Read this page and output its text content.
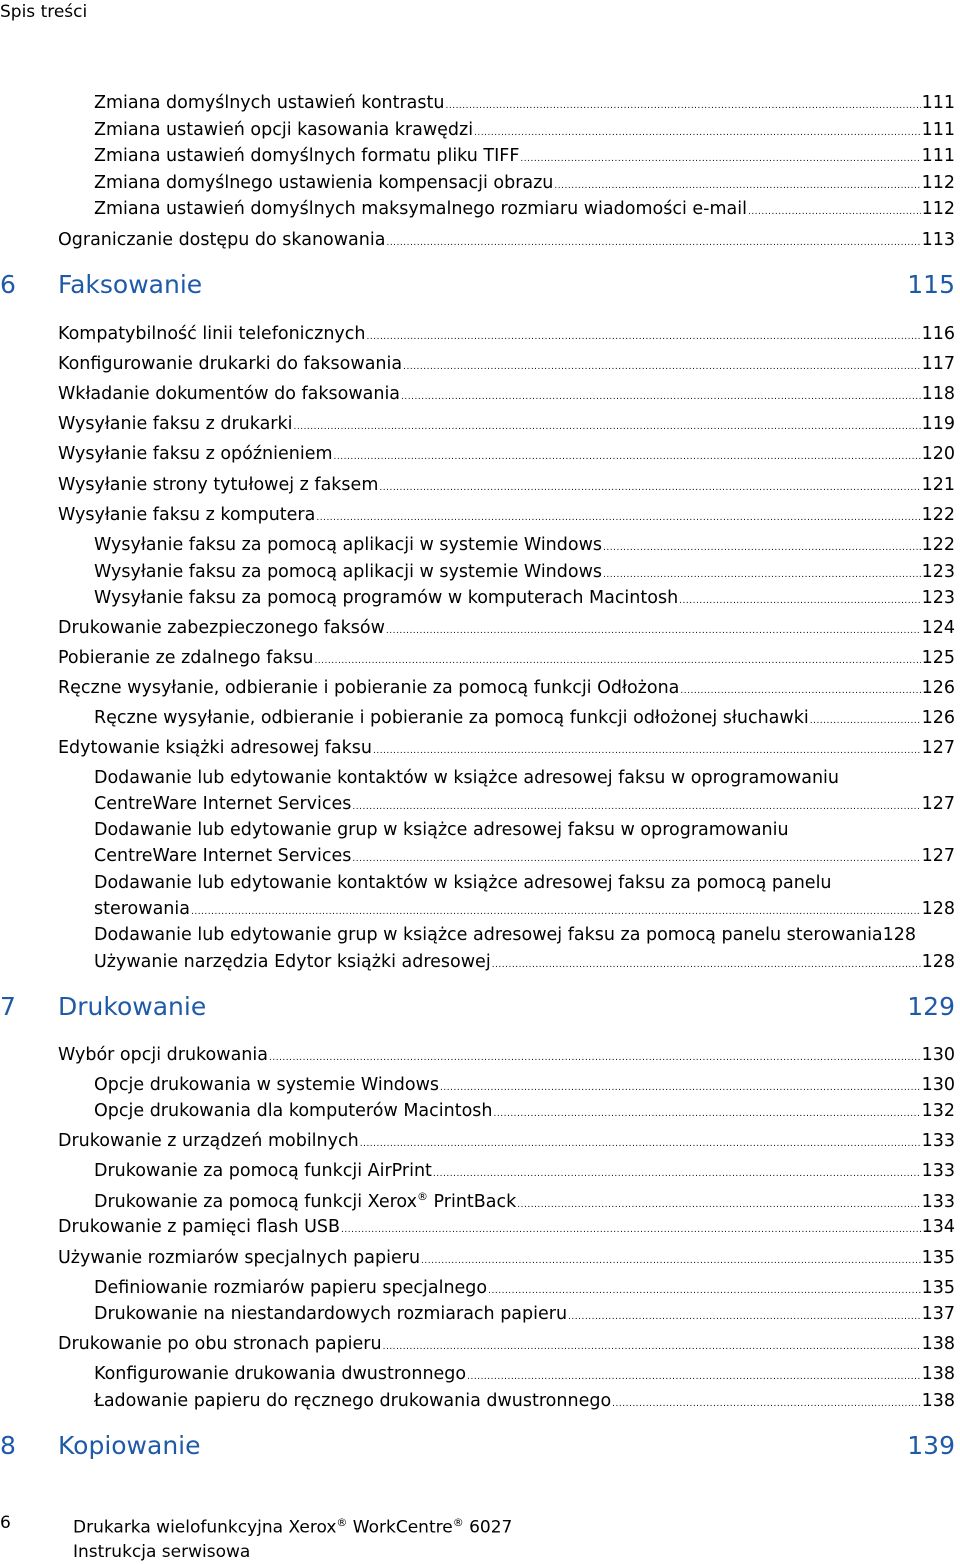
Spis treści
Zmiana domyślnych ustawień kontrastu .....	111
Zmiana ustawień opcji kasowania krawędzi .....	111
Zmiana ustawień domyślnych formatu pliku TIFF .....	111
Zmiana domyślnego ustawienia kompensacji obrazu .....	112
Zmiana ustawień domyślnych maksymalnego rozmiaru wiadomości e-mail .....	112
Ograniczanie dostępu do skanowania .....	113
6	Faksowanie	115
Kompatybilność linii telefonicznych .....	116
Konfigurowanie drukarki do faksowania .....	117
Wkładanie dokumentów do faksowania .....	118
Wysyłanie faksu z drukarki .....	119
Wysyłanie faksu z opóźnieniem .....	120
Wysyłanie strony tytułowej z faksem .....	121
Wysyłanie faksu z komputera .....	122
Wysyłanie faksu za pomocą aplikacji w systemie Windows .....	122
Wysyłanie faksu za pomocą aplikacji w systemie Windows .....	123
Wysyłanie faksu za pomocą programów w komputerach Macintosh .....	123
Drukowanie zabezpieczonego faksów .....	124
Pobieranie ze zdalnego faksu .....	125
Ręczne wysyłanie, odbieranie i pobieranie za pomocą funkcji Odłożona .....	126
Ręczne wysyłanie, odbieranie i pobieranie za pomocą funkcji odłożonej słuchawki .....	126
Edytowanie książki adresowej faksu .....	127
Dodawanie lub edytowanie kontaktów w książce adresowej faksu w oprogramowaniu
CentreWare Internet Services .....	127
Dodawanie lub edytowanie grup w książce adresowej faksu w oprogramowaniu
CentreWare Internet Services .....	127
Dodawanie lub edytowanie kontaktów w książce adresowej faksu za pomocą panelu
sterowania .....	128
Dodawanie lub edytowanie grup w książce adresowej faksu za pomocą panelu sterowania 128
Używanie narzędzia Edytor książki adresowej .....	128
7	Drukowanie	129
Wybór opcji drukowania .....	130
Opcje drukowania w systemie Windows .....	130
Opcje drukowania dla komputerów Macintosh .....	132
Drukowanie z urządzeń mobilnych .....	133
Drukowanie za pomocą funkcji AirPrint .....	133
Drukowanie za pomocą funkcji Xerox® PrintBack .....	133
Drukowanie z pamięci flash USB .....	134
Używanie rozmiarów specjalnych papieru .....	135
Definiowanie rozmiarów papieru specjalnego .....	135
Drukowanie na niestandardowych rozmiarach papieru .....	137
Drukowanie po obu stronach papieru .....	138
Konfigurowanie drukowania dwustronnego .....	138
Ładowanie papieru do ręcznego drukowania dwustronnego .....	138
8	Kopiowanie	139
6	Drukarka wielofunkcyjna Xerox® WorkCentre® 6027
Instrukcja serwisowa
